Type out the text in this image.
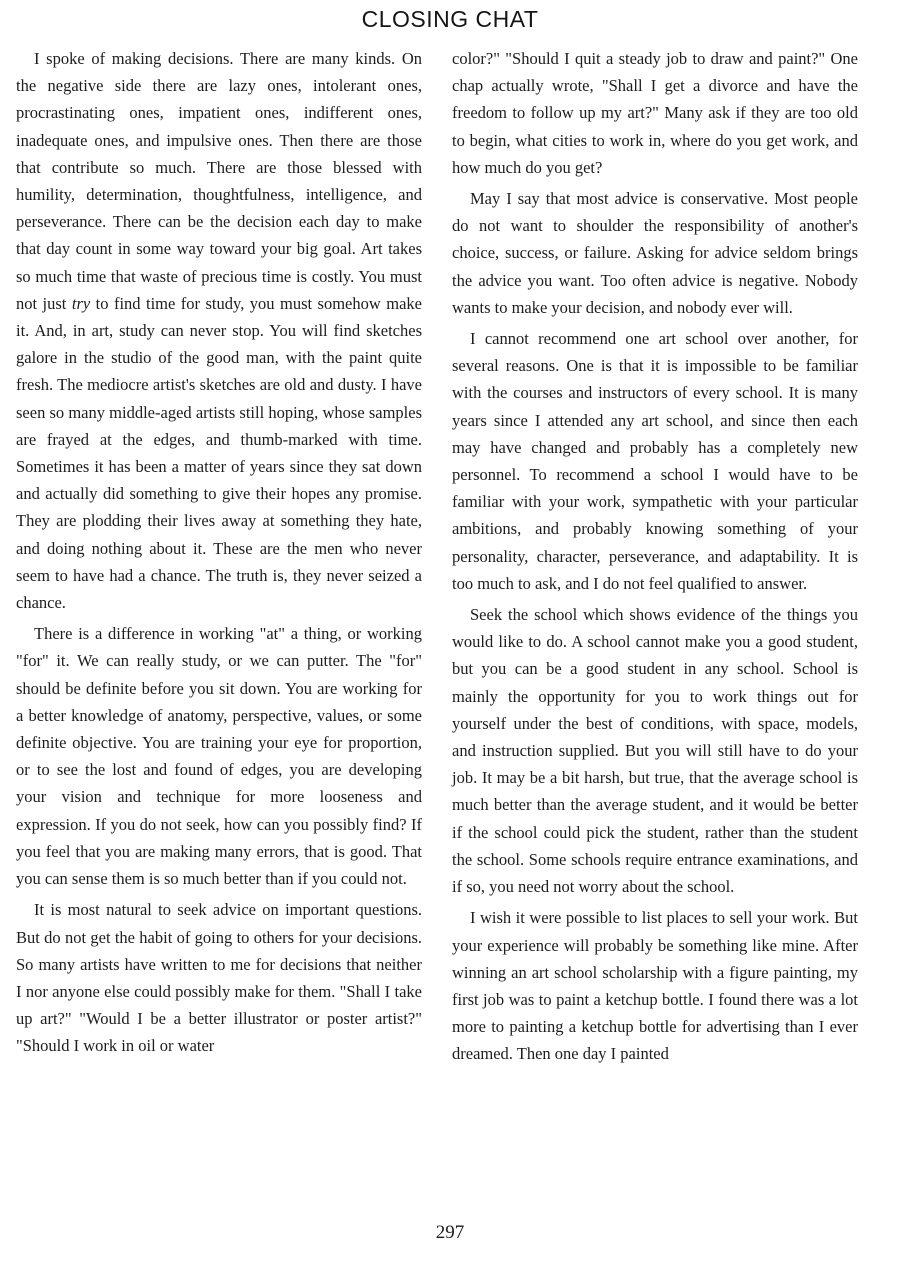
CLOSING CHAT

I spoke of making decisions. There are many kinds. On the negative side there are lazy ones, intolerant ones, procrastinating ones, impatient ones, indifferent ones, inadequate ones, and impulsive ones. Then there are those that contribute so much. There are those blessed with humility, determination, thoughtfulness, intelligence, and perseverance. There can be the decision each day to make that day count in some way toward your big goal. Art takes so much time that waste of precious time is costly. You must not just try to find time for study, you must somehow make it. And, in art, study can never stop. You will find sketches galore in the studio of the good man, with the paint quite fresh. The mediocre artist's sketches are old and dusty. I have seen so many middle-aged artists still hoping, whose samples are frayed at the edges, and thumb-marked with time. Sometimes it has been a matter of years since they sat down and actually did something to give their hopes any promise. They are plodding their lives away at something they hate, and doing nothing about it. These are the men who never seem to have had a chance. The truth is, they never seized a chance.

There is a difference in working "at" a thing, or working "for" it. We can really study, or we can putter. The "for" should be definite before you sit down. You are working for a better knowledge of anatomy, perspective, values, or some definite objective. You are training your eye for proportion, or to see the lost and found of edges, you are developing your vision and technique for more looseness and expression. If you do not seek, how can you possibly find? If you feel that you are making many errors, that is good. That you can sense them is so much better than if you could not.

It is most natural to seek advice on important questions. But do not get the habit of going to others for your decisions. So many artists have written to me for decisions that neither I nor anyone else could possibly make for them. "Shall I take up art?" "Would I be a better illustrator or poster artist?" "Should I work in oil or water

color?" "Should I quit a steady job to draw and paint?" One chap actually wrote, "Shall I get a divorce and have the freedom to follow up my art?" Many ask if they are too old to begin, what cities to work in, where do you get work, and how much do you get?

May I say that most advice is conservative. Most people do not want to shoulder the responsibility of another's choice, success, or failure. Asking for advice seldom brings the advice you want. Too often advice is negative. Nobody wants to make your decision, and nobody ever will.

I cannot recommend one art school over another, for several reasons. One is that it is impossible to be familiar with the courses and instructors of every school. It is many years since I attended any art school, and since then each may have changed and probably has a completely new personnel. To recommend a school I would have to be familiar with your work, sympathetic with your particular ambitions, and probably knowing something of your personality, character, perseverance, and adaptability. It is too much to ask, and I do not feel qualified to answer.

Seek the school which shows evidence of the things you would like to do. A school cannot make you a good student, but you can be a good student in any school. School is mainly the opportunity for you to work things out for yourself under the best of conditions, with space, models, and instruction supplied. But you will still have to do your job. It may be a bit harsh, but true, that the average school is much better than the average student, and it would be better if the school could pick the student, rather than the student the school. Some schools require entrance examinations, and if so, you need not worry about the school.

I wish it were possible to list places to sell your work. But your experience will probably be something like mine. After winning an art school scholarship with a figure painting, my first job was to paint a ketchup bottle. I found there was a lot more to painting a ketchup bottle for advertising than I ever dreamed. Then one day I painted

297
